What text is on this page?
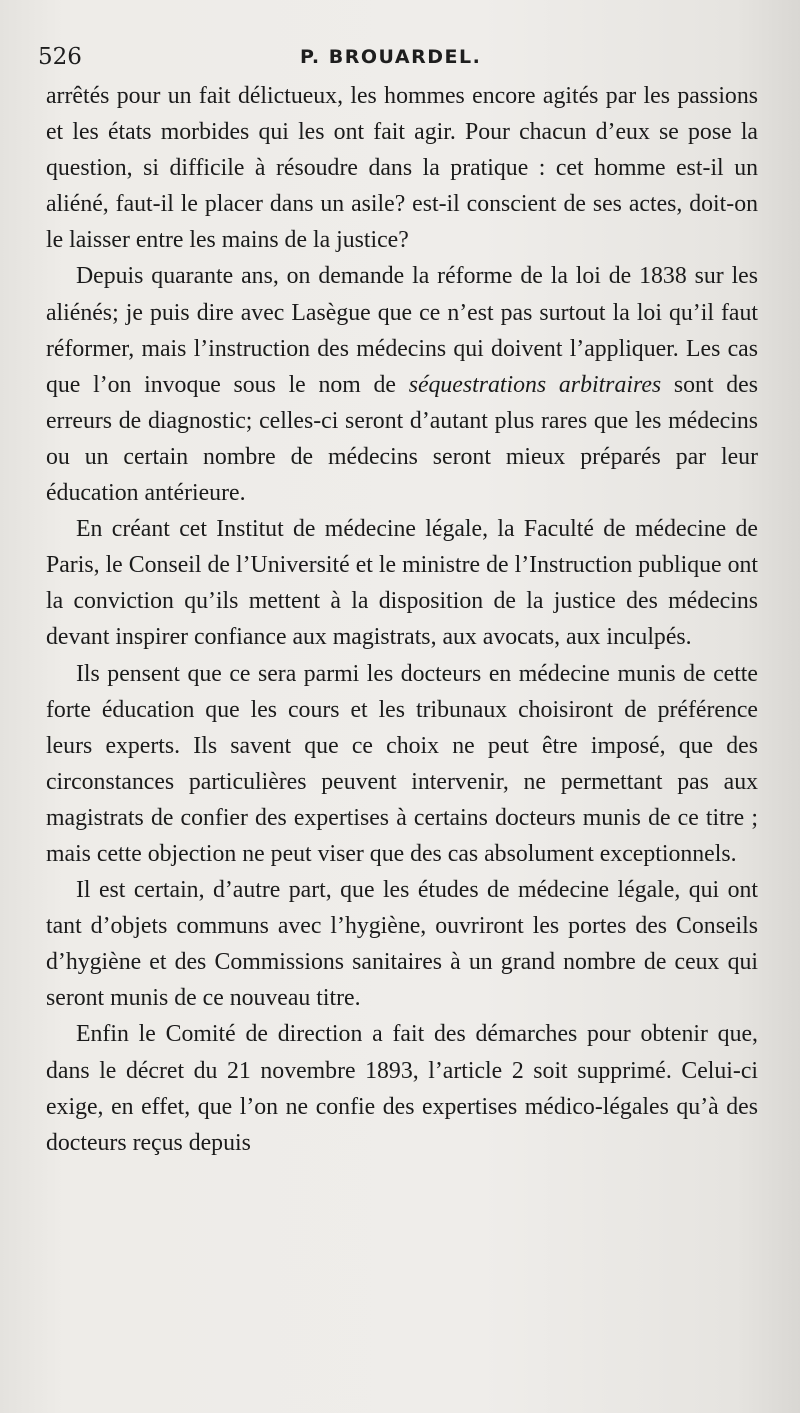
526	P. BROUARDEL.

arrêtés pour un fait délictueux, les hommes encore agités par les passions et les états morbides qui les ont fait agir. Pour chacun d’eux se pose la question, si difficile à résoudre dans la pratique : cet homme est-il un aliéné, faut-il le placer dans un asile? est-il conscient de ses actes, doit-on le laisser entre les mains de la justice?

Depuis quarante ans, on demande la réforme de la loi de 1838 sur les aliénés; je puis dire avec Lasègue que ce n’est pas surtout la loi qu’il faut réformer, mais l’instruction des médecins qui doivent l’appliquer. Les cas que l’on invoque sous le nom de séquestrations arbitraires sont des erreurs de diagnostic; celles-ci seront d’autant plus rares que les médecins ou un certain nombre de médecins seront mieux préparés par leur éducation antérieure.

En créant cet Institut de médecine légale, la Faculté de médecine de Paris, le Conseil de l’Université et le ministre de l’Instruction publique ont la conviction qu’ils mettent à la disposition de la justice des médecins devant inspirer confiance aux magistrats, aux avocats, aux inculpés.

Ils pensent que ce sera parmi les docteurs en médecine munis de cette forte éducation que les cours et les tribunaux choisiront de préférence leurs experts. Ils savent que ce choix ne peut être imposé, que des circonstances particulières peuvent intervenir, ne permettant pas aux magistrats de confier des expertises à certains docteurs munis de ce titre ; mais cette objection ne peut viser que des cas absolument exceptionnels.

Il est certain, d’autre part, que les études de médecine légale, qui ont tant d’objets communs avec l’hygiène, ouvriront les portes des Conseils d’hygiène et des Commissions sanitaires à un grand nombre de ceux qui seront munis de ce nouveau titre.

Enfin le Comité de direction a fait des démarches pour obtenir que, dans le décret du 21 novembre 1893, l’article 2 soit supprimé. Celui-ci exige, en effet, que l’on ne confie des expertises médico-légales qu’à des docteurs reçus depuis
